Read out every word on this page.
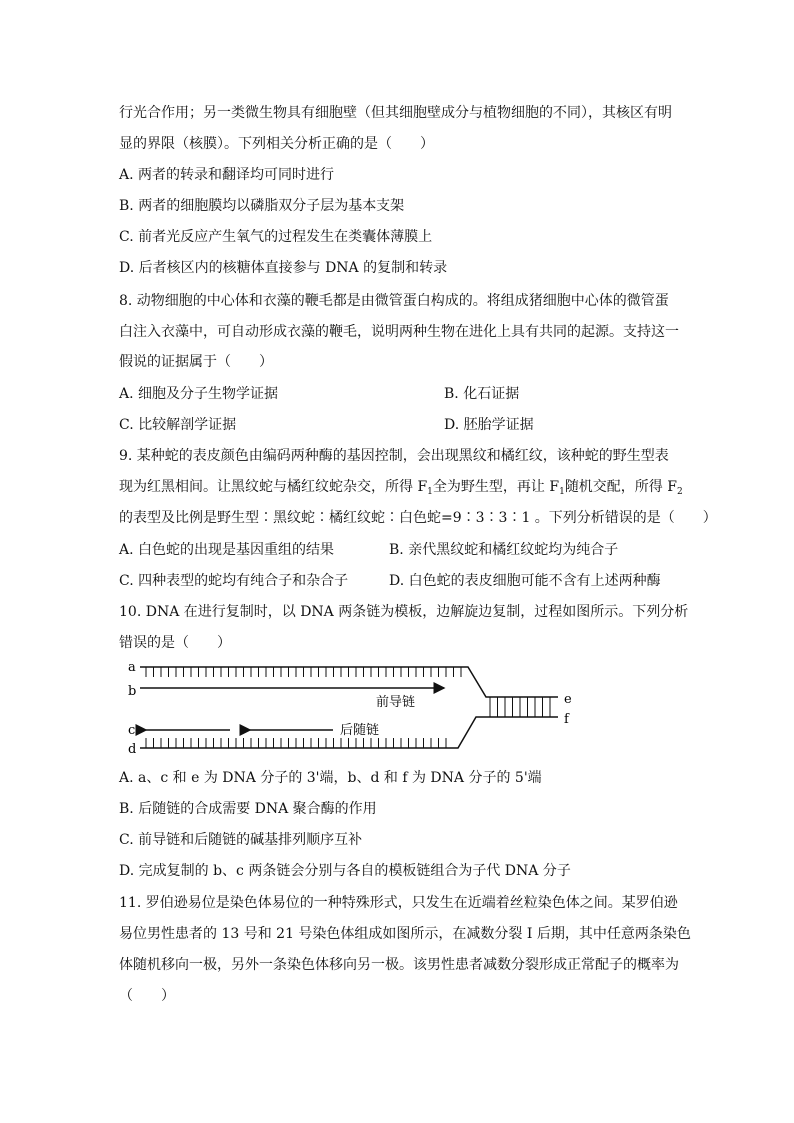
行光合作用；另一类微生物具有细胞壁（但其细胞壁成分与植物细胞的不同），其核区有明
显的界限（核膜）。下列相关分析正确的是（　　）
A. 两者的转录和翻译均可同时进行
B. 两者的细胞膜均以磷脂双分子层为基本支架
C. 前者光反应产生氧气的过程发生在类囊体薄膜上
D. 后者核区内的核糖体直接参与 DNA 的复制和转录
8. 动物细胞的中心体和衣藻的鞭毛都是由微管蛋白构成的。将组成猪细胞中心体的微管蛋
白注入衣藻中，可自动形成衣藻的鞭毛，说明两种生物在进化上具有共同的起源。支持这一
假说的证据属于（　　）
A. 细胞及分子生物学证据	B. 化石证据
C. 比较解剖学证据	D. 胚胎学证据
9. 某种蛇的表皮颜色由编码两种酶的基因控制，会出现黑纹和橘红纹，该种蛇的野生型表
现为红黑相间。让黑纹蛇与橘红纹蛇杂交，所得 $F_1$全为野生型，再让 $F_1$随机交配，所得 $F_2$
的表型及比例是野生型∶黑纹蛇∶橘红纹蛇∶白色蛇=9∶3∶3∶1 。下列分析错误的是（　　）
A. 白色蛇的出现是基因重组的结果	B. 亲代黑纹蛇和橘红纹蛇均为纯合子
C. 四种表型的蛇均有纯合子和杂合子	D. 白色蛇的表皮细胞可能不含有上述两种酶
10. DNA 在进行复制时，以 DNA 两条链为模板，边解旋边复制，过程如图所示。下列分析
错误的是（　　）
a
b
c
d
e
f
前导链
后随链
A. a、c 和 e 为 DNA 分子的 3'端，b、d 和 f 为 DNA 分子的 5'端
B. 后随链的合成需要 DNA 聚合酶的作用
C. 前导链和后随链的碱基排列顺序互补
D. 完成复制的 b、c 两条链会分别与各自的模板链组合为子代 DNA 分子
11. 罗伯逊易位是染色体易位的一种特殊形式，只发生在近端着丝粒染色体之间。某罗伯逊
易位男性患者的 13 号和 21 号染色体组成如图所示，在减数分裂 I 后期，其中任意两条染色
体随机移向一极，另外一条染色体移向另一极。该男性患者减数分裂形成正常配子的概率为
（　　）
